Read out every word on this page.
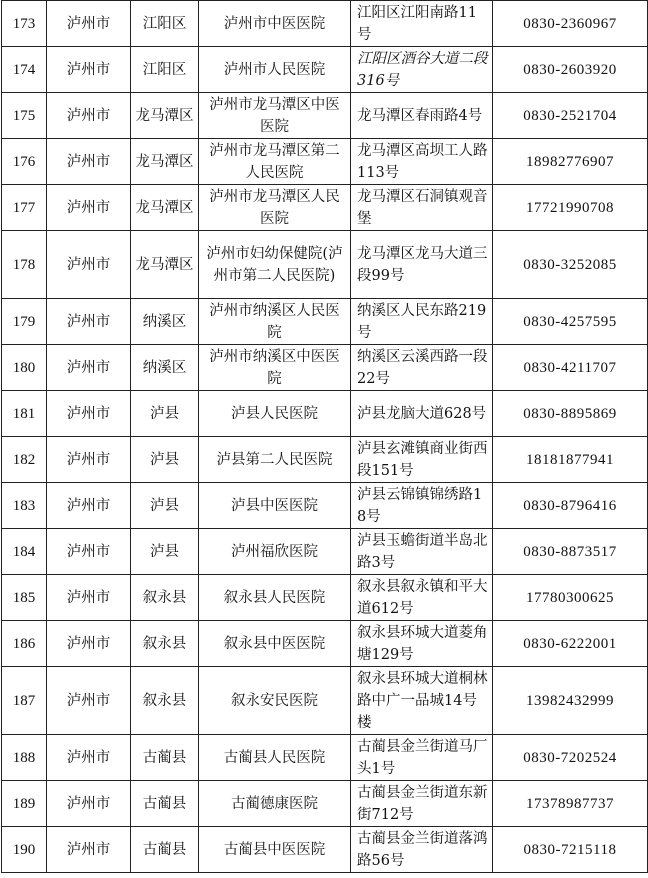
173	泸州市	江阳区	泸州市中医医院	江阳区江阳南路11号	0830-2360967
174	泸州市	江阳区	泸州市人民医院	江阳区酒谷大道二段316号	0830-2603920
175	泸州市	龙马潭区	泸州市龙马潭区中医医院	龙马潭区春雨路4号	0830-2521704
176	泸州市	龙马潭区	泸州市龙马潭区第二人民医院	龙马潭区高坝工人路113号	18982776907
177	泸州市	龙马潭区	泸州市龙马潭区人民医院	龙马潭区石洞镇观音堡	17721990708
178	泸州市	龙马潭区	泸州市妇幼保健院(泸州市第二人民医院)	龙马潭区龙马大道三段99号	0830-3252085
179	泸州市	纳溪区	泸州市纳溪区人民医院	纳溪区人民东路219号	0830-4257595
180	泸州市	纳溪区	泸州市纳溪区中医医院	纳溪区云溪西路一段22号	0830-4211707
181	泸州市	泸县	泸县人民医院	泸县龙脑大道628号	0830-8895869
182	泸州市	泸县	泸县第二人民医院	泸县玄滩镇商业街西段151号	18181877941
183	泸州市	泸县	泸县中医医院	泸县云锦镇锦绣路18号	0830-8796416
184	泸州市	泸县	泸州福欣医院	泸县玉蟾街道半岛北路3号	0830-8873517
185	泸州市	叙永县	叙永县人民医院	叙永县叙永镇和平大道612号	17780300625
186	泸州市	叙永县	叙永县中医医院	叙永县环城大道菱角塘129号	0830-6222001
187	泸州市	叙永县	叙永安民医院	叙永县环城大道桐林路中广一品城14号楼	13982432999
188	泸州市	古蔺县	古蔺县人民医院	古蔺县金兰街道马厂头1号	0830-7202524
189	泸州市	古蔺县	古蔺德康医院	古蔺县金兰街道东新街712号	17378987737
190	泸州市	古蔺县	古蔺县中医医院	古蔺县金兰街道落鸿路56号	0830-7215118
